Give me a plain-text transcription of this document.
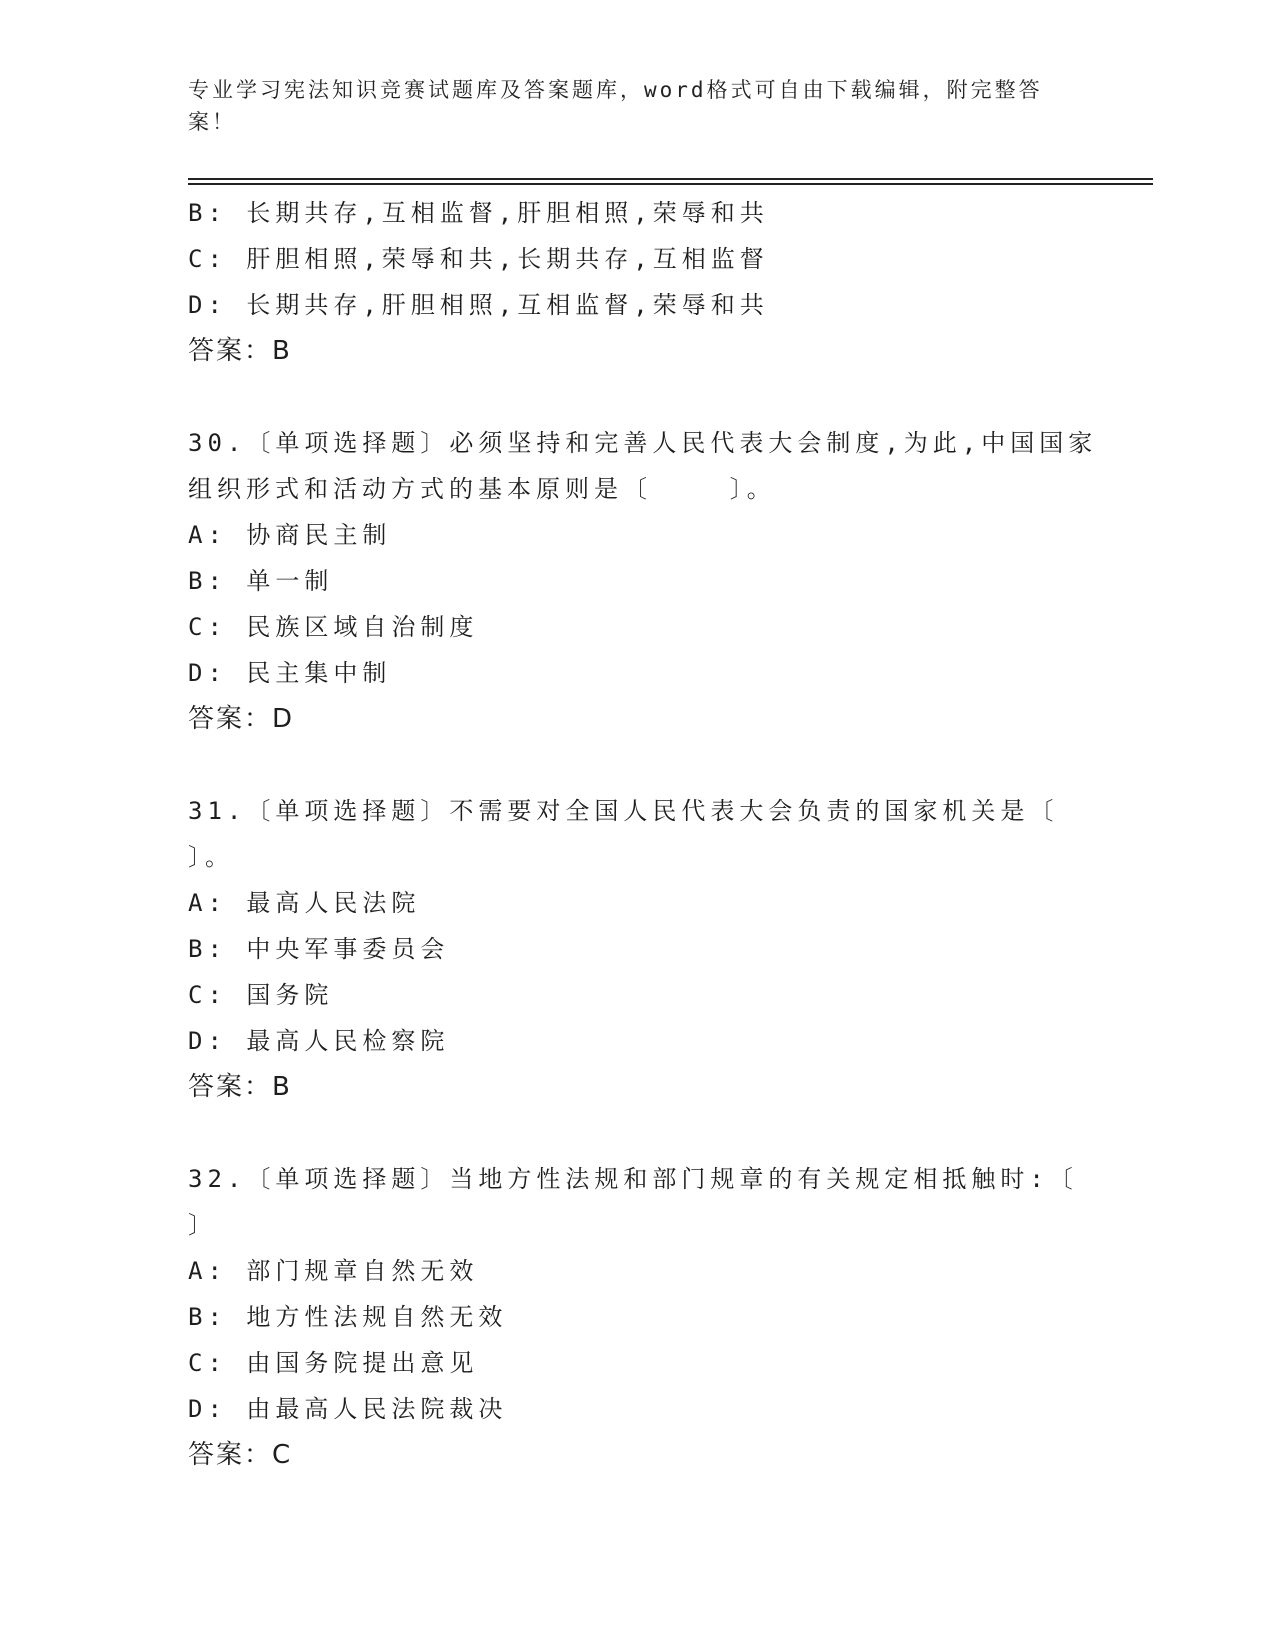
专业学习宪法知识竞赛试题库及答案题库，word格式可自由下载编辑，附完整答案！
B: 长期共存,互相监督,肝胆相照,荣辱和共
C: 肝胆相照,荣辱和共,长期共存,互相监督
D: 长期共存,肝胆相照,互相监督,荣辱和共
答案：B
30.〔单项选择题〕必须坚持和完善人民代表大会制度,为此,中国国家
组织形式和活动方式的基本原则是〔    〕。
A: 协商民主制
B: 单一制
C: 民族区域自治制度
D: 民主集中制
答案：D
31.〔单项选择题〕不需要对全国人民代表大会负责的国家机关是〔
〕。
A: 最高人民法院
B: 中央军事委员会
C: 国务院
D: 最高人民检察院
答案：B
32.〔单项选择题〕当地方性法规和部门规章的有关规定相抵触时:〔
〕
A: 部门规章自然无效
B: 地方性法规自然无效
C: 由国务院提出意见
D: 由最高人民法院裁决
答案：C
